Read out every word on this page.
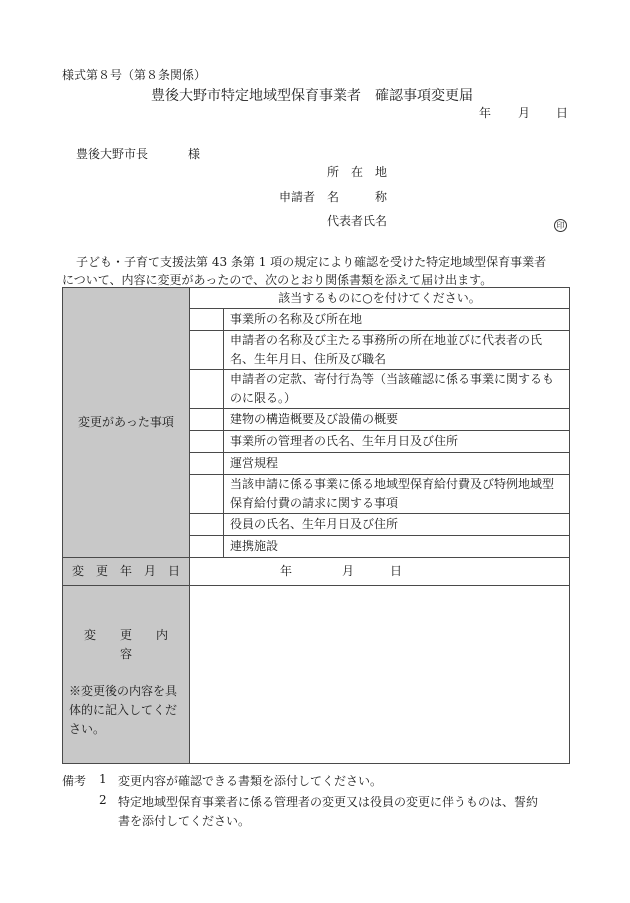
様式第８号（第８条関係）
豊後大野市特定地域型保育事業者　確認事項変更届
年 月 日
豊後大野市長	様
所　在　地
申請者 名　　　称
代表者氏名	印
子ども・子育て支援法第 43 条第 1 項の規定により確認を受けた特定地域型保育事業者
について、内容に変更があったので、次のとおり関係書類を添えて届け出ます。
変更があった事項	該当するものに○を付けてください。	
		事業所の名称及び所在地
		申請者の名称及び主たる事務所の所在地並びに代表者の氏名、生年月日、住所及び職名
		申請者の定款、寄付行為等（当該確認に係る事業に関するものに限る。）
		建物の構造概要及び設備の概要
		事業所の管理者の氏名、生年月日及び住所
		運営規程
		当該申請に係る事業に係る地域型保育給付費及び特例地域型保育給付費の請求に関する事項
		役員の氏名、生年月日及び住所
		連携施設
変　更　年　月　日	年 月 日	

変　　更　　内　　容
※変更後の内容を具体的に記入してください。		

備考 1 変更内容が確認できる書類を添付してください。
2 特定地域型保育事業者に係る管理者の変更又は役員の変更に伴うものは、誓約
書を添付してください。
